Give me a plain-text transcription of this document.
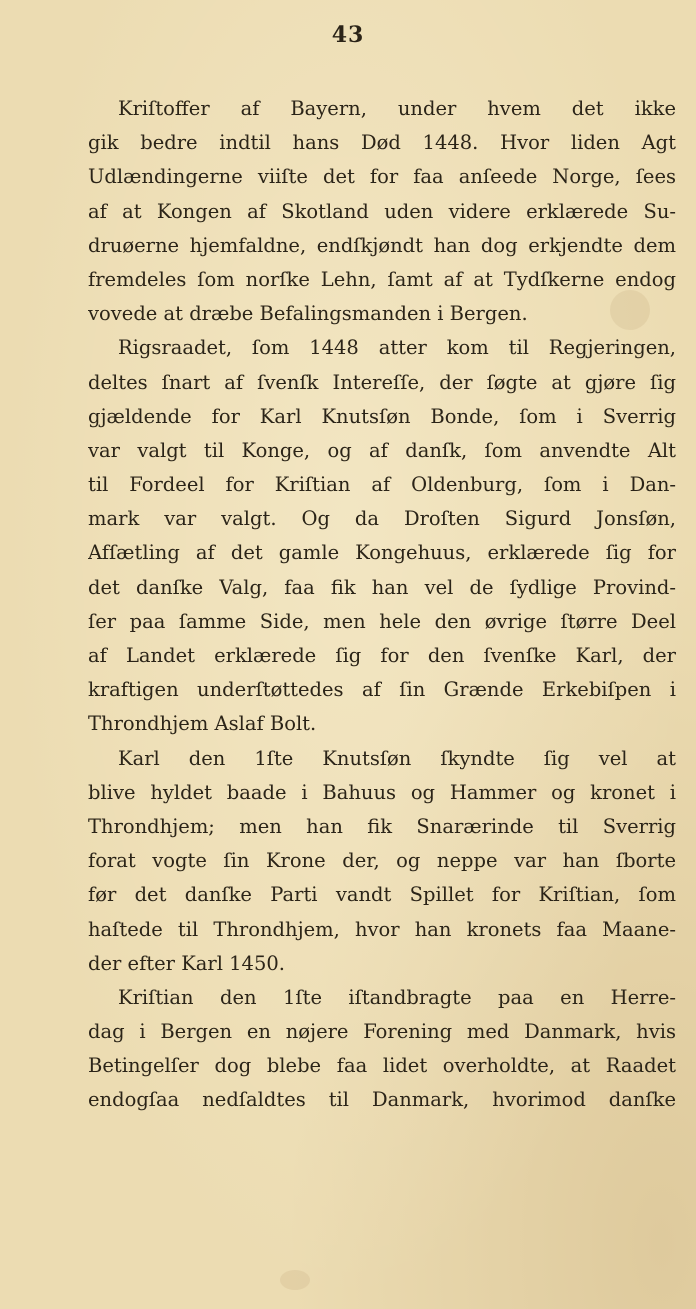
43
Kriſtoffer af Bayern, under hvem det ikke
gik bedre indtil hans Død 1448. Hvor liden Agt
Udlændingerne viiſte det for faa anſeede Norge, ſees
af at Kongen af Skotland uden videre erklærede Su-
druøerne hjemfaldne, endſkjøndt han dog erkjendte dem
fremdeles ſom norſke Lehn, ſamt af at Tydſkerne endog
vovede at dræbe Befalingsmanden i Bergen.
Rigsraadet, ſom 1448 atter kom til Regjeringen,
deltes ſnart af ſvenſk Intereſſe, der ſøgte at gjøre ſig
gjældende for Karl Knutsſøn Bonde, ſom i Sverrig
var valgt til Konge, og af danſk, ſom anvendte Alt
til Fordeel for Kriſtian af Oldenburg, ſom i Dan-
mark var valgt. Og da Droſten Sigurd Jonsſøn,
Afſætling af det gamle Kongehuus, erklærede ſig for
det danſke Valg, faa fik han vel de ſydlige Provind-
ſer paa ſamme Side, men hele den øvrige ſtørre Deel
af Landet erklærede ſig for den ſvenſke Karl, der
kraftigen underſtøttedes af ſin Grænde Erkebiſpen i
Throndhjem Aslaf Bolt.
Karl den 1ſte Knutsſøn ſkyndte ſig vel at
blive hyldet baade i Bahuus og Hammer og kronet i
Throndhjem; men han fik Snarærinde til Sverrig
forat vogte ſin Krone der, og neppe var han ſborte
før det danſke Parti vandt Spillet for Kriſtian, ſom
haſtede til Throndhjem, hvor han kronets faa Maane-
der efter Karl 1450.
Kriſtian den 1ſte iſtandbragte paa en Herre-
dag i Bergen en nøjere Forening med Danmark, hvis
Betingelſer dog blebe faa lidet overholdte, at Raadet
endogſaa nedſaldtes til Danmark, hvorimod danſke
